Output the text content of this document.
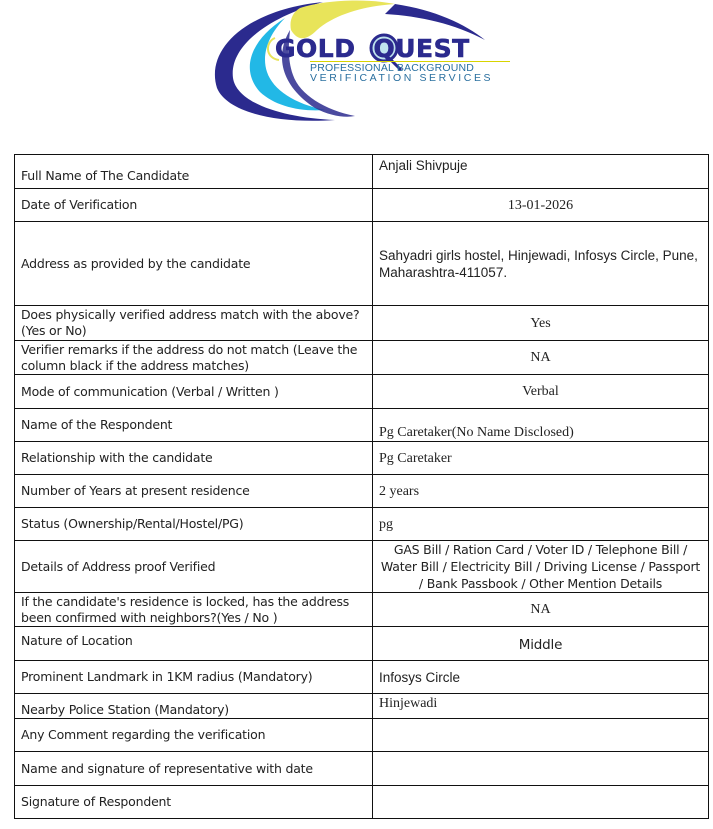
GOLD QUEST
PROFESSIONAL BACKGROUND
VERIFICATION SERVICES
Full Name of The Candidate	Anjali Shivpuje
Date of Verification	13-01-2026
Address as provided by the candidate	Sahyadri girls hostel, Hinjewadi, Infosys Circle, Pune, Maharashtra-411057.
Does physically verified address match with the above? (Yes or No)	Yes
Verifier remarks if the address do not match (Leave the column black if the address matches)	NA
Mode of communication (Verbal / Written )	Verbal
Name of the Respondent	Pg Caretaker(No Name Disclosed)
Relationship with the candidate	Pg Caretaker
Number of Years at present residence	2 years
Status (Ownership/Rental/Hostel/PG)	pg
Details of Address proof Verified	GAS Bill / Ration Card / Voter ID / Telephone Bill / Water Bill / Electricity Bill / Driving License / Passport / Bank Passbook / Other Mention Details
If the candidate's residence is locked, has the address been confirmed with neighbors?(Yes / No )	NA
Nature of Location	Middle
Prominent Landmark in 1KM radius (Mandatory)	Infosys Circle
Nearby Police Station (Mandatory)	Hinjewadi
Any Comment regarding the verification	
Name and signature of representative with date	
Signature of Respondent	
